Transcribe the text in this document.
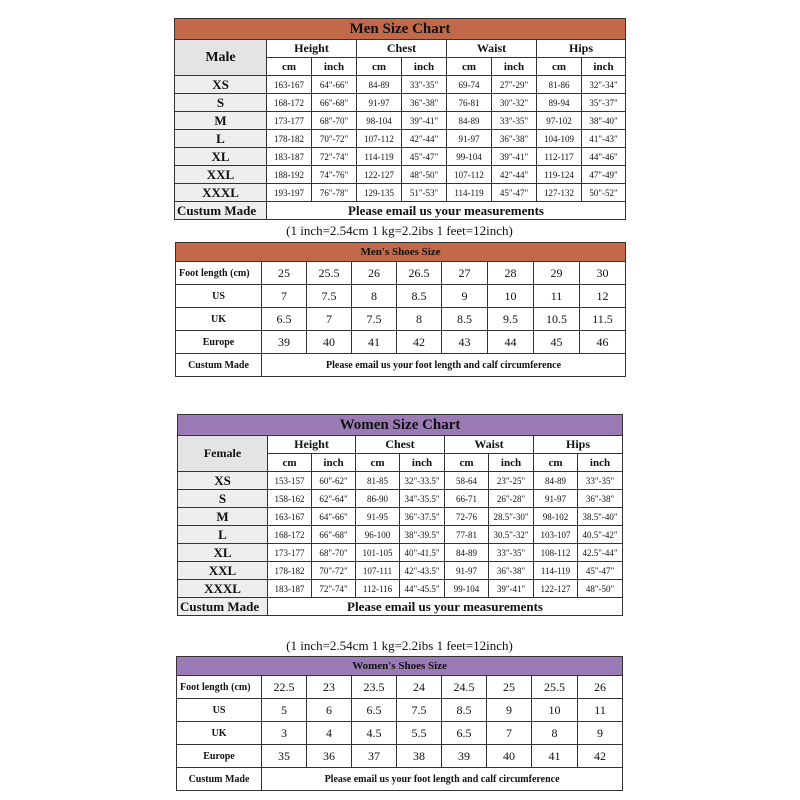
Men Size Chart								
Male	Height		Chest		Waist		Hips	
	cm	inch	cm	inch	cm	inch	cm	inch
XS	163-167	64"-66"	84-89	33"-35"	69-74	27"-29"	81-86	32"-34"
S	168-172	66"-68"	91-97	36"-38"	76-81	30"-32"	89-94	35"-37"
M	173-177	68"-70"	98-104	39"-41"	84-89	33"-35"	97-102	38"-40"
L	178-182	70"-72"	107-112	42"-44"	91-97	36"-38"	104-109	41"-43"
XL	183-187	72"-74"	114-119	45"-47"	99-104	39"-41"	112-117	44"-46"
XXL	188-192	74"-76"	122-127	48"-50"	107-112	42"-44"	119-124	47"-49"
XXXL	193-197	76"-78"	129-135	51"-53"	114-119	45"-47"	127-132	50"-52"
Custum Made	Please email us your measurements							
(1 inch=2.54cm 1 kg=2.2ibs 1 feet=12inch)
Men's Shoes Size								
Foot length (cm)	25	25.5	26	26.5	27	28	29	30
US	7	7.5	8	8.5	9	10	11	12
UK	6.5	7	7.5	8	8.5	9.5	10.5	11.5
Europe	39	40	41	42	43	44	45	46
Custum Made	Please email us your foot length and calf circumference							
Women Size Chart								
Female	Height		Chest		Waist		Hips	
	cm	inch	cm	inch	cm	inch	cm	inch
XS	153-157	60"-62"	81-85	32"-33.5"	58-64	23"-25"	84-89	33"-35"
S	158-162	62"-64"	86-90	34"-35.5"	66-71	26"-28"	91-97	36"-38"
M	163-167	64"-66"	91-95	36"-37.5"	72-76	28.5"-30"	98-102	38.5"-40"
L	168-172	66"-68"	96-100	38"-39.5"	77-81	30.5"-32"	103-107	40.5"-42"
XL	173-177	68"-70"	101-105	40"-41.5"	84-89	33"-35"	108-112	42.5"-44"
XXL	178-182	70"-72"	107-111	42"-43.5"	91-97	36"-38"	114-119	45"-47"
XXXL	183-187	72"-74"	112-116	44"-45.5"	99-104	39"-41"	122-127	48"-50"
Custum Made	Please email us your measurements							
(1 inch=2.54cm 1 kg=2.2ibs 1 feet=12inch)
Women's Shoes Size								
Foot length (cm)	22.5	23	23.5	24	24.5	25	25.5	26
US	5	6	6.5	7.5	8.5	9	10	11
UK	3	4	4.5	5.5	6.5	7	8	9
Europe	35	36	37	38	39	40	41	42
Custum Made	Please email us your foot length and calf circumference							
